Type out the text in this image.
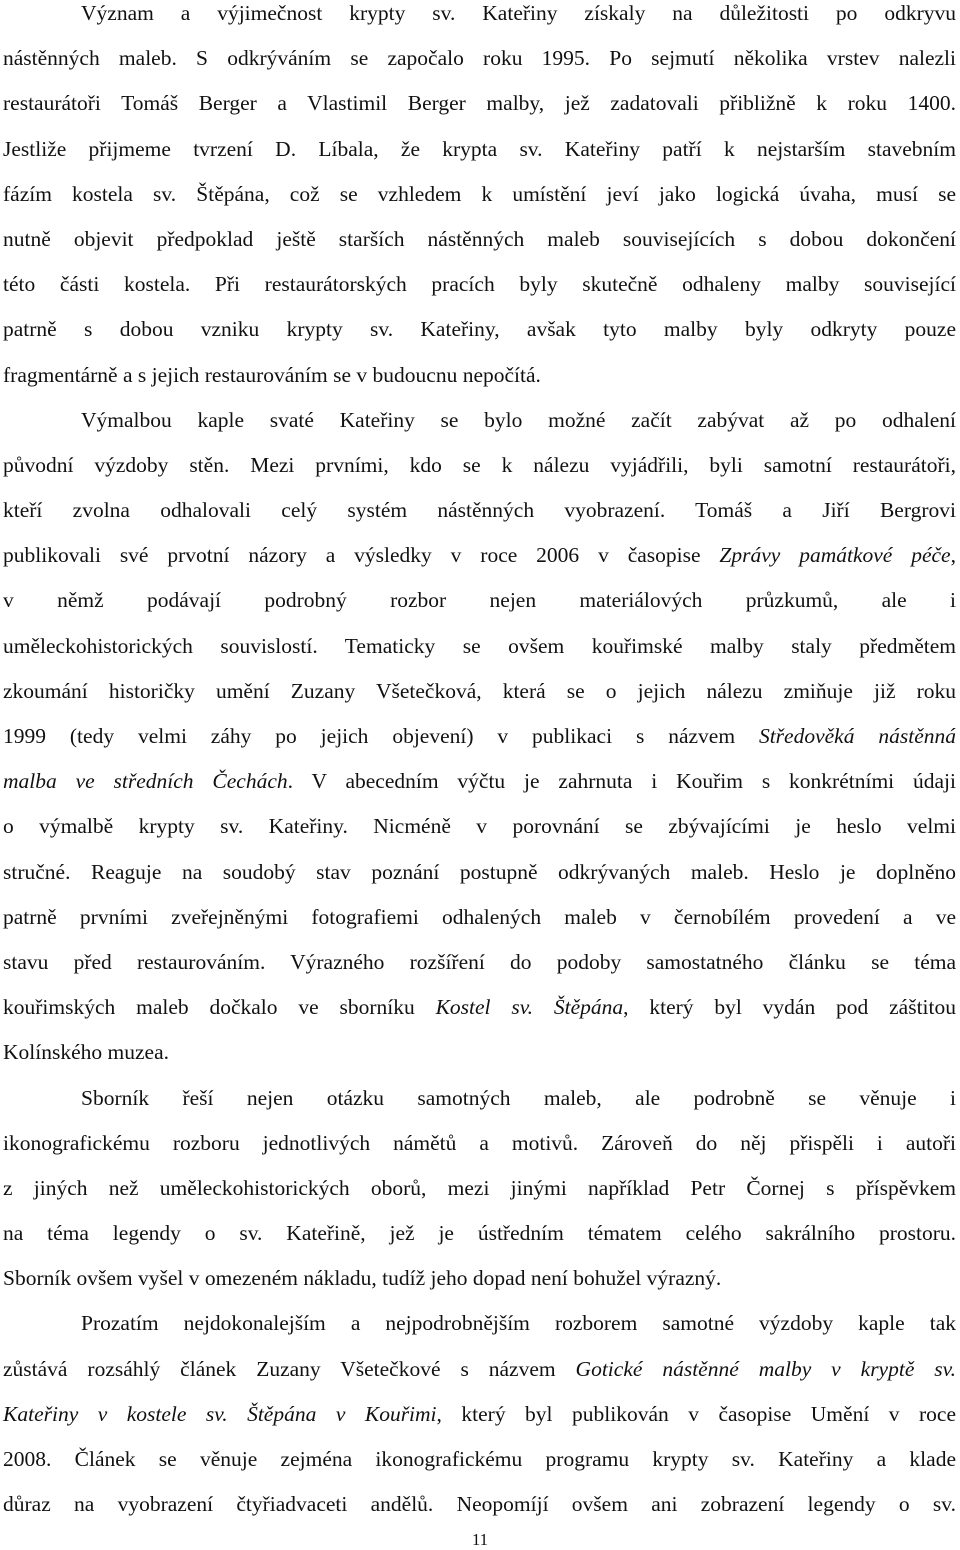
Význam a výjimečnost krypty sv. Kateřiny získaly na důležitosti po odkryvu
nástěnných maleb. S odkrýváním se započalo roku 1995. Po sejmutí několika vrstev nalezli
restaurátoři Tomáš Berger a Vlastimil Berger malby, jež zadatovali přibližně k roku 1400.
Jestliže přijmeme tvrzení D. Líbala, že krypta sv. Kateřiny patří k nejstarším stavebním
fázím kostela sv. Štěpána, což se vzhledem k umístění jeví jako logická úvaha, musí se
nutně objevit předpoklad ještě starších nástěnných maleb souvisejících s dobou dokončení
této části kostela. Při restaurátorských pracích byly skutečně odhaleny malby související
patrně s dobou vzniku krypty sv. Kateřiny, avšak tyto malby byly odkryty pouze
fragmentárně a s jejich restaurováním se v budoucnu nepočítá.
Výmalbou kaple svaté Kateřiny se bylo možné začít zabývat až po odhalení
původní výzdoby stěn. Mezi prvními, kdo se k nálezu vyjádřili, byli samotní restaurátoři,
kteří zvolna odhalovali celý systém nástěnných vyobrazení. Tomáš a Jiří Bergrovi
publikovali své prvotní názory a výsledky v roce 2006 v časopise Zprávy památkové péče,
v němž podávají podrobný rozbor nejen materiálových průzkumů, ale i
uměleckohistorických souvislostí. Tematicky se ovšem kouřimské malby staly předmětem
zkoumání historičky umění Zuzany Všetečková, která se o jejich nálezu zmiňuje již roku
1999 (tedy velmi záhy po jejich objevení) v publikaci s názvem Středověká nástěnná
malba ve středních Čechách. V abecedním výčtu je zahrnuta i Kouřim s konkrétními údaji
o výmalbě krypty sv. Kateřiny. Nicméně v porovnání se zbývajícími je heslo velmi
stručné. Reaguje na soudobý stav poznání postupně odkrývaných maleb. Heslo je doplněno
patrně prvními zveřejněnými fotografiemi odhalených maleb v černobílém provedení a ve
stavu před restaurováním. Výrazného rozšíření do podoby samostatného článku se téma
kouřimských maleb dočkalo ve sborníku Kostel sv. Štěpána, který byl vydán pod záštitou
Kolínského muzea.
Sborník řeší nejen otázku samotných maleb, ale podrobně se věnuje i
ikonografickému rozboru jednotlivých námětů a motivů. Zároveň do něj přispěli i autoři
z jiných než uměleckohistorických oborů, mezi jinými například Petr Čornej s příspěvkem
na téma legendy o sv. Kateřině, jež je ústředním tématem celého sakrálního prostoru.
Sborník ovšem vyšel v omezeném nákladu, tudíž jeho dopad není bohužel výrazný.
Prozatím nejdokonalejším a nejpodrobnějším rozborem samotné výzdoby kaple tak
zůstává rozsáhlý článek Zuzany Všetečkové s názvem Gotické nástěnné malby v kryptě sv.
Kateřiny v kostele sv. Štěpána v Kouřimi, který byl publikován v časopise Umění v roce
2008. Článek se věnuje zejména ikonografickému programu krypty sv. Kateřiny a klade
důraz na vyobrazení čtyřiadvaceti andělů. Neopomíjí ovšem ani zobrazení legendy o sv.
11
